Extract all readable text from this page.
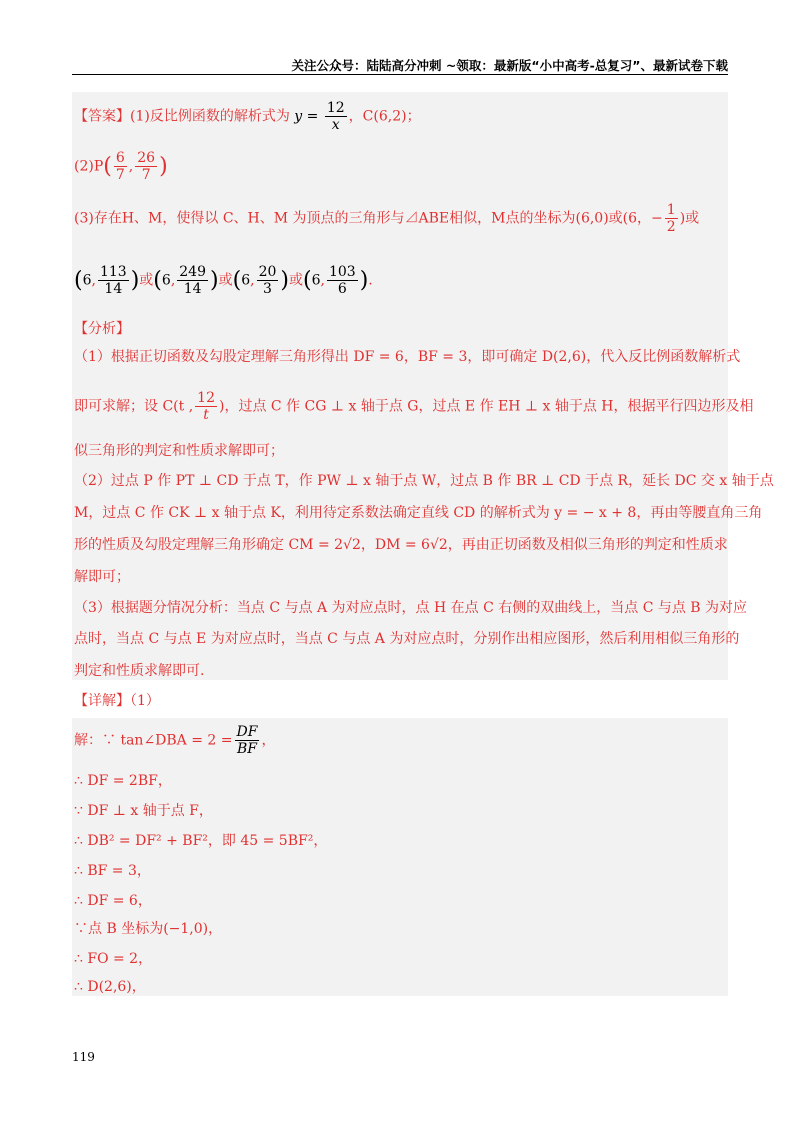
关注公众号：陆陆高分冲刺 ~领取：最新版“小中高考-总复习”、最新试卷下载
【答案】(1)反比例函数的解析式为 $y = \frac{12}{x}$ ，C(6,2)；
$(2)P( \frac{6}{7}$ , $\frac{26}{7}$ )
(3)存在H、M，使得以 C、H、M 为顶点的三角形与⊿ABE相似，M点的坐标为(6,0)或(6，− $\frac{1}{2}$ )或
(6, $\frac{113}{14}$ )或(6, $\frac{249}{14}$ )或(6, $\frac{20}{3}$ )或(6, $\frac{103}{6}$ ).
【分析】
（1）根据正切函数及勾股定理解三角形得出 DF = 6，BF = 3，即可确定 D(2,6)，代入反比例函数解析式
即可求解；设 C(t , $\frac{12}{t}$ )，过点 C 作 CG ⊥ x 轴于点 G，过点 E 作 EH ⊥ x 轴于点 H，根据平行四边形及相
似三角形的判定和性质求解即可；
（2）过点 P 作 PT ⊥ CD 于点 T，作 PW ⊥ x 轴于点 W，过点 B 作 BR ⊥ CD 于点 R，延长 DC 交 x 轴于点
M，过点 C 作 CK ⊥ x 轴于点 K，利用待定系数法确定直线 CD 的解析式为 y = − x + 8，再由等腰直角三角
形的性质及勾股定理解三角形确定 CM = 2√2，DM = 6√2，再由正切函数及相似三角形的判定和性质求
解即可；
（3）根据题分情况分析：当点 C 与点 A 为对应点时，点 H 在点 C 右侧的双曲线上，当点 C 与点 B 为对应
点时，当点 C 与点 E 为对应点时，当点 C 与点 A 为对应点时，分别作出相应图形，然后利用相似三角形的
判定和性质求解即可.
【详解】（1）
解：∵ tan∠DBA = $2 = \frac{DF}{BF}$ ，
∴ DF = 2BF，
∵ DF ⊥ x 轴于点 F，
∴ DB² = DF² + BF²，即 45 = 5BF²，
∴ BF = 3，
∴ DF = 6，
∵点 B 坐标为(−1,0)，
∴ FO = 2，
∴ D(2,6)，
119
